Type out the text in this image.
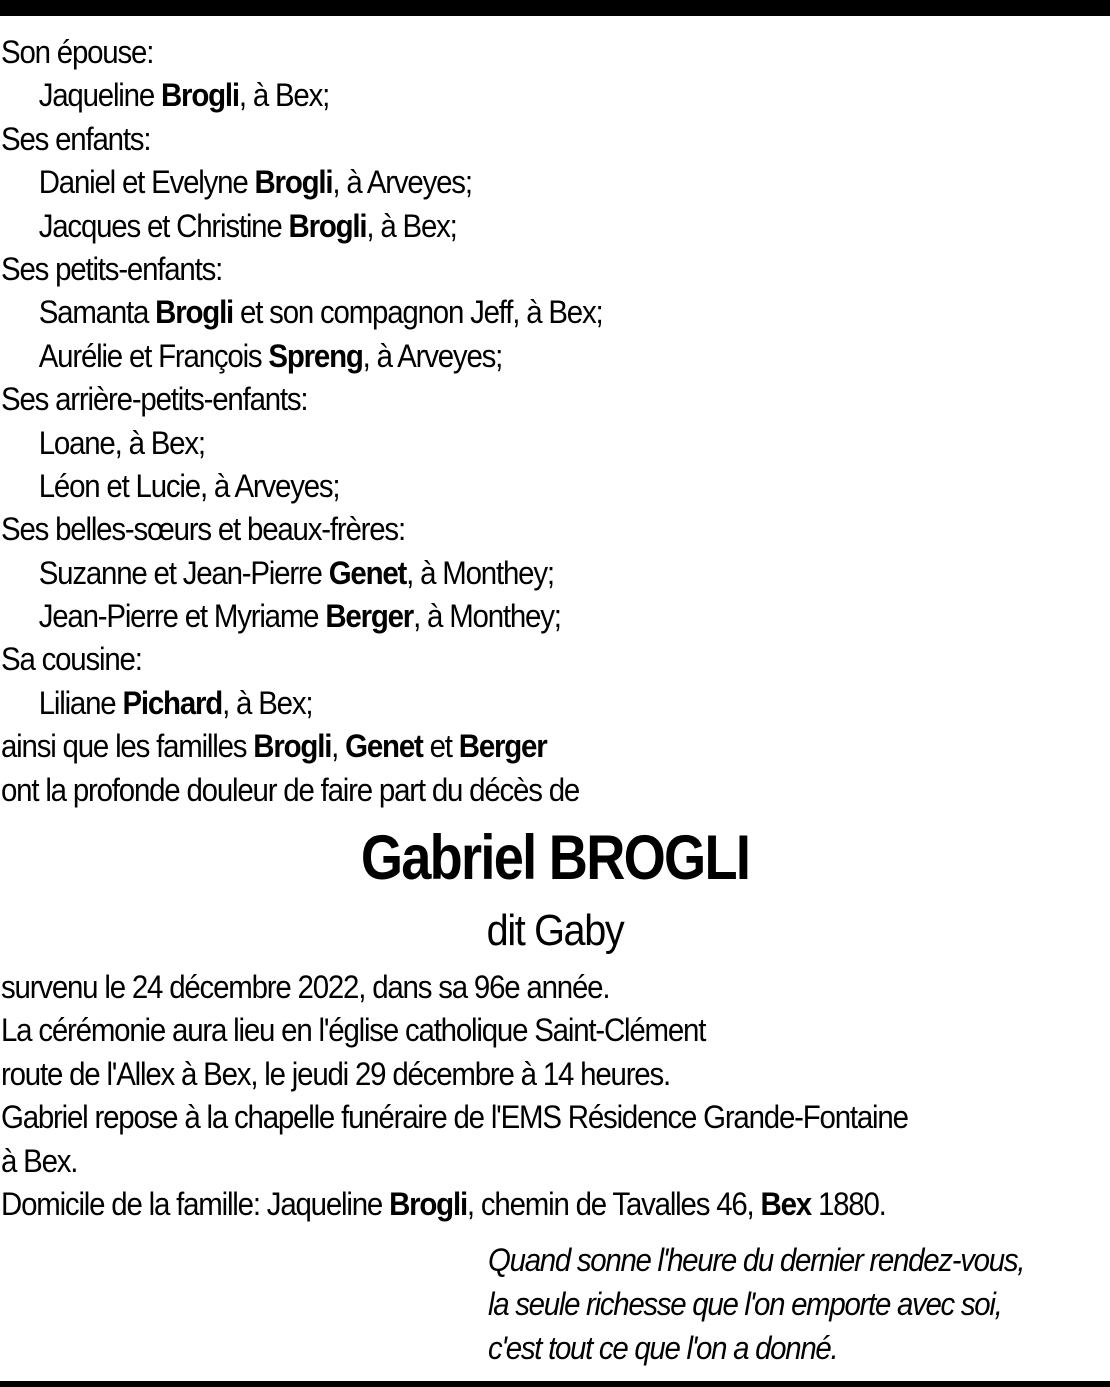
Son épouse:
Jaqueline Brogli, à Bex;
Ses enfants:
Daniel et Evelyne Brogli, à Arveyes;
Jacques et Christine Brogli, à Bex;
Ses petits-enfants:
Samanta Brogli et son compagnon Jeff, à Bex;
Aurélie et François Spreng, à Arveyes;
Ses arrière-petits-enfants:
Loane, à Bex;
Léon et Lucie, à Arveyes;
Ses belles-sœurs et beaux-frères:
Suzanne et Jean-Pierre Genet, à Monthey;
Jean-Pierre et Myriame Berger, à Monthey;
Sa cousine:
Liliane Pichard, à Bex;
ainsi que les familles Brogli, Genet et Berger
ont la profonde douleur de faire part du décès de
Gabriel BROGLI
dit Gaby
survenu le 24 décembre 2022, dans sa 96e année.
La cérémonie aura lieu en l'église catholique Saint-Clément
route de l'Allex à Bex, le jeudi 29 décembre à 14 heures.
Gabriel repose à la chapelle funéraire de l'EMS Résidence Grande-Fontaine
à Bex.
Domicile de la famille: Jaqueline Brogli, chemin de Tavalles 46, Bex 1880.
Quand sonne l'heure du dernier rendez-vous,
la seule richesse que l'on emporte avec soi,
c'est tout ce que l'on a donné.
